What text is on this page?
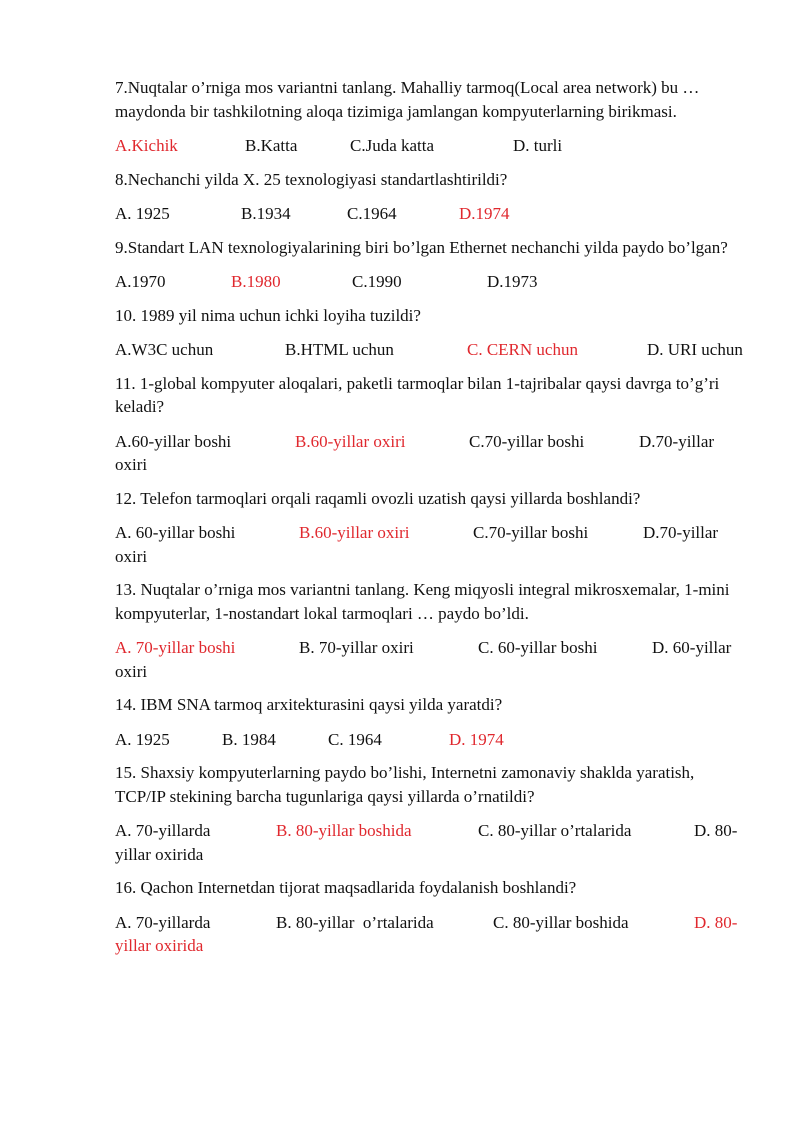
7.Nuqtalar o’rniga mos variantni tanlang. Mahalliy tarmoq(Local area network) bu … maydonda bir tashkilotning aloqa tizimiga jamlangan kompyuterlarning birikmasi.

A.Kichik	B.Katta	C.Juda katta	D. turli

8.Nechanchi yilda X. 25 texnologiyasi standartlashtirildi?

A. 1925	B.1934	C.1964	D.1974

9.Standart LAN texnologiyalarining biri bo’lgan Ethernet nechanchi yilda paydo bo’lgan?

A.1970	B.1980	C.1990	D.1973

10. 1989 yil nima uchun ichki loyiha tuzildi?

A.W3C uchun	B.HTML uchun	C. CERN uchun	D. URI uchun

11. 1-global kompyuter aloqalari, paketli tarmoqlar bilan 1-tajribalar qaysi davrga to’g’ri keladi?

A.60-yillar boshi	B.60-yillar oxiri	C.70-yillar boshi	D.70-yillar oxiri

12. Telefon tarmoqlari orqali raqamli ovozli uzatish qaysi yillarda boshlandi?

A. 60-yillar boshi	B.60-yillar oxiri	C.70-yillar boshi	D.70-yillar oxiri

13. Nuqtalar o’rniga mos variantni tanlang. Keng miqyosli integral mikrosxemalar, 1-mini kompyuterlar, 1-nostandart lokal tarmoqlari … paydo bo’ldi.

A. 70-yillar boshi	B. 70-yillar oxiri	C. 60-yillar boshi	D. 60-yillar oxiri

14. IBM SNA tarmoq arxitekturasini qaysi yilda yaratdi?

A. 1925	B. 1984	C. 1964	D. 1974

15. Shaxsiy kompyuterlarning paydo bo’lishi, Internetni zamonaviy shaklda yaratish, TCP/IP stekining barcha tugunlariga qaysi yillarda o’rnatildi?

A. 70-yillarda	B. 80-yillar boshida	C. 80-yillar o’rtalarida	D. 80-yillar oxirida

16. Qachon Internetdan tijorat maqsadlarida foydalanish boshlandi?

A. 70-yillarda	B. 80-yillar  o’rtalarida	C. 80-yillar boshida	D. 80-yillar oxirida
